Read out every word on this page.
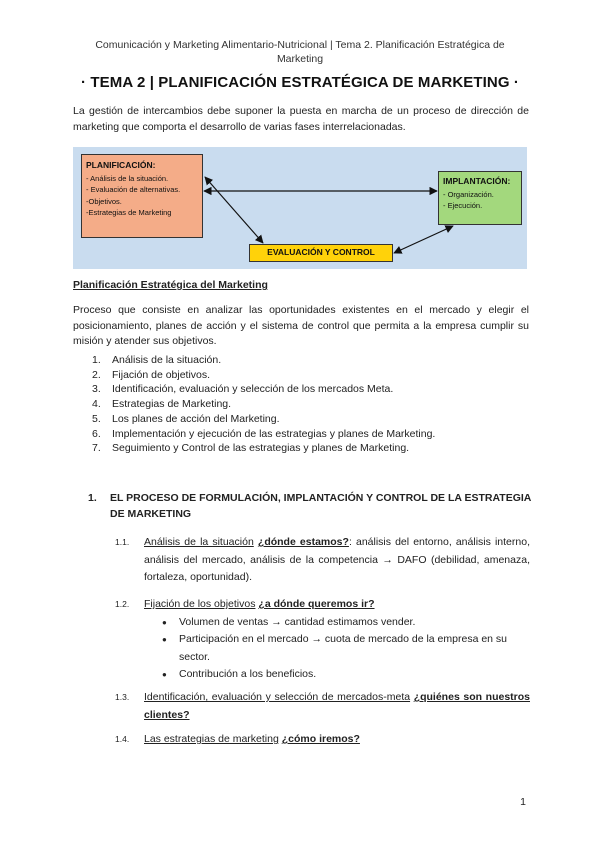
Comunicación y Marketing Alimentario-Nutricional | Tema 2. Planificación Estratégica de
Marketing
· TEMA 2 | PLANIFICACIÓN ESTRATÉGICA DE MARKETING ·
La gestión de intercambios debe suponer la puesta en marcha de un proceso de dirección de marketing que comporta el desarrollo de varias fases interrelacionadas.
PLANIFICACIÓN:
- Análisis de la situación.
- Evaluación de alternativas.
-Objetivos.
-Estrategias de Marketing
IMPLANTACIÓN:
- Organización.
- Ejecución.
EVALUACIÓN Y CONTROL
Planificación Estratégica del Marketing
Proceso que consiste en analizar las oportunidades existentes en el mercado y elegir el posicionamiento, planes de acción y el sistema de control que permita a la empresa cumplir su misión y atender sus objetivos.
1.	Análisis de la situación.
2.	Fijación de objetivos.
3.	Identificación, evaluación y selección de los mercados Meta.
4.	Estrategias de Marketing.
5.	Los planes de acción del Marketing.
6.	Implementación y ejecución de las estrategias y planes de Marketing.
7.	Seguimiento y Control de las estrategias y planes de Marketing.
1. EL PROCESO DE FORMULACIÓN, IMPLANTACIÓN Y CONTROL DE LA ESTRATEGIA DE MARKETING
1.1. Análisis de la situación ¿dónde estamos?: análisis del entorno, análisis interno, análisis del mercado, análisis de la competencia → DAFO (debilidad, amenaza, fortaleza, oportunidad).
1.2. Fijación de los objetivos ¿a dónde queremos ir?
● Volumen de ventas → cantidad estimamos vender.
● Participación en el mercado → cuota de mercado de la empresa en su sector.
● Contribución a los beneficios.
1.3. Identificación, evaluación y selección de mercados-meta ¿quiénes son nuestros clientes?
1.4. Las estrategias de marketing ¿cómo iremos?
1
